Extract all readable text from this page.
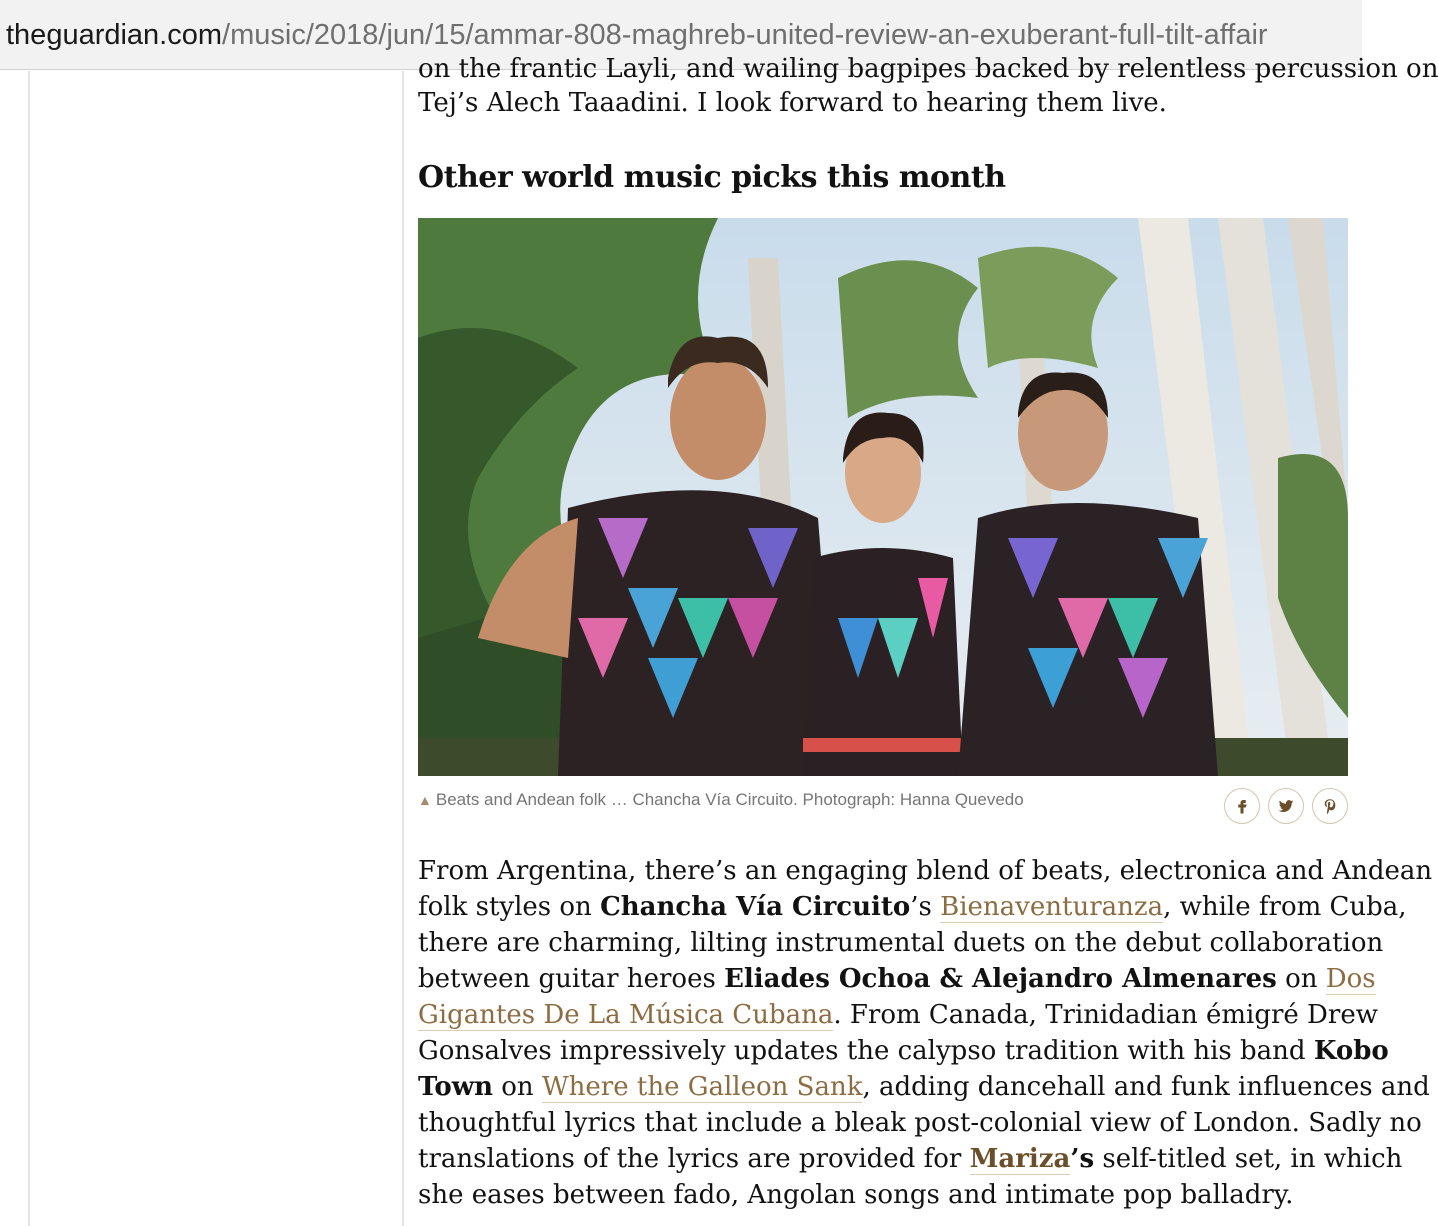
theguardian.com/music/2018/jun/15/ammar-808-maghreb-united-review-an-exuberant-full-tilt-affair
on the frantic Layli, and wailing bagpipes backed by relentless percussion on
Tej’s Alech Taaadini. I look forward to hearing them live.
Other world music picks this month
▲ Beats and Andean folk … Chancha Vía Circuito. Photograph: Hanna Quevedo
From Argentina, there’s an engaging blend of beats, electronica and Andean
folk styles on Chancha Vía Circuito’s Bienaventuranza, while from Cuba,
there are charming, lilting instrumental duets on the debut collaboration
between guitar heroes Eliades Ochoa & Alejandro Almenares on Dos
Gigantes De La Música Cubana. From Canada, Trinidadian émigré Drew
Gonsalves impressively updates the calypso tradition with his band Kobo
Town on Where the Galleon Sank, adding dancehall and funk influences and
thoughtful lyrics that include a bleak post-colonial view of London. Sadly no
translations of the lyrics are provided for Mariza’s self-titled set, in which
she eases between fado, Angolan songs and intimate pop balladry.
